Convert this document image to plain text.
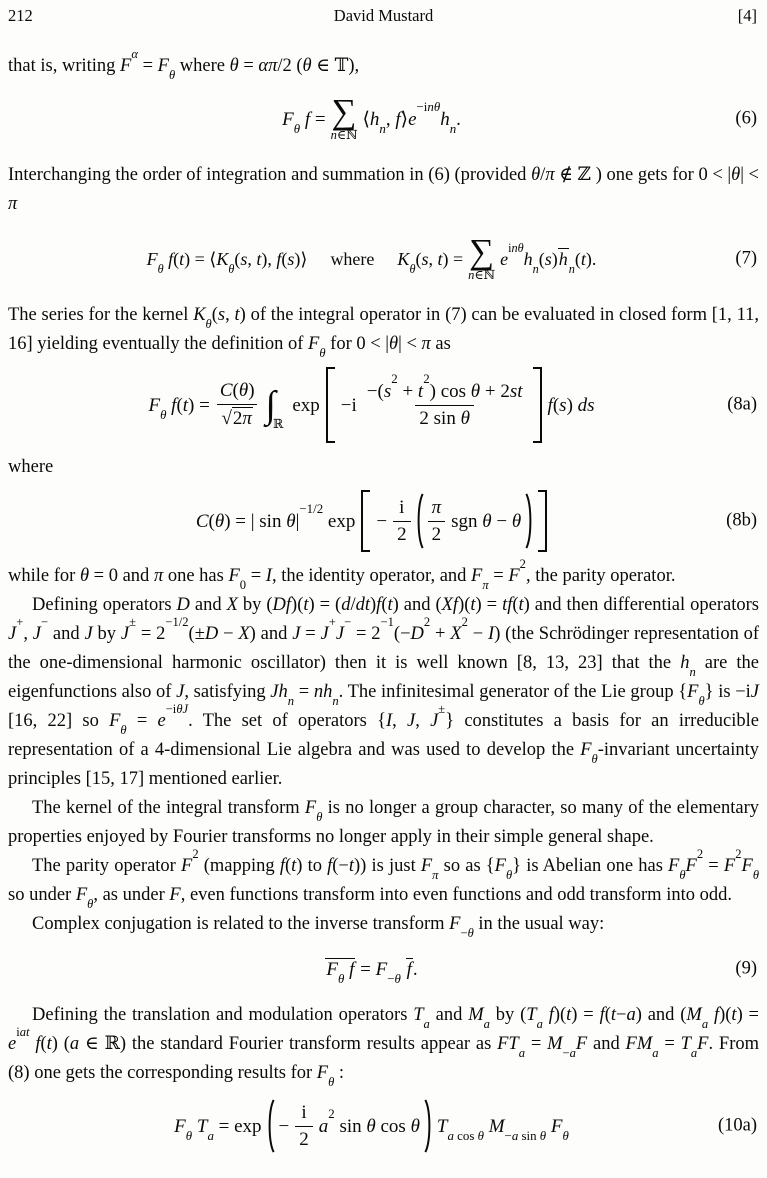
212	David Mustard	[4]

that is, writing $F^\alpha = F_\theta$ where θ = απ/2 (θ ∈ 𝕋),

$F_\theta$ f = ∑
n∈ℕ
$⟨h_n$, $f⟩e^{-in\theta}h_n$.	(6)

Interchanging the order of integration and summation in (6) (provided θ/π ∉ ℤ ) one gets for 0 < |θ| < π

$F_\theta$ $f(t) = ⟨K_\theta(s$, t), f(s)⟩ where $K_\theta(s$, t) = ∑
n∈ℕ
$e^{in\theta}h_n(s)h_n(t)$.	(7)

The series for the kernel $K_\theta(s$, t) of the integral operator in (7) can be evaluated in closed form [1, 11, 16] yielding eventually the definition of $F_\theta$ for 0 < |θ| < π as

$F_\theta$ $f(t) = \frac{C(\theta)}{√2\pi}$ ∫
ℝ
$\exp -i \frac{-(s^2 + t^2) \cos \theta + 2st}{\text{2 sin θ}} f(s)$ ds	(8a)

where

C(θ) = | $\sin \theta|^{-1/2}$ $\exp - \frac{i}{2} \frac{\pi}{2}$ sgn θ − θ	(8b)

while for θ = 0 and π one has $F_0 = I$, the identity operator, and $F_\pi = F^2$, the parity operator.

Defining operators D and X by (Df)(t) = (d/dt)f(t) and (Xf)(t) = tf(t) and then differential operators J+, J− and J by $J^\pm = 2^{-1/2}(\pm D - X)$ and $J = J^+J^- = 2^{-1}(-D^2 + X^2 - I)$ (the Schrödinger representation of the one-dimensional harmonic oscillator) then it is well known [8, 13, 23] that the $h_n$ are the eigenfunctions also of J, satisfying $Jh_n = nh_n$. The infinitesimal generator of the Lie group $\{F_\theta\}$ is −iJ [16, 22] so $F_\theta = e^{-i\theta J}$. The set of operators {I, J, J±} constitutes a basis for an irreducible representation of a 4-dimensional Lie algebra and was used to develop the $F_\theta$-invariant uncertainty principles [15, 17] mentioned earlier.

The kernel of the integral transform $F_\theta$ is no longer a group character, so many of the elementary properties enjoyed by Fourier transforms no longer apply in their simple general shape.

The parity operator $F^2$ (mapping f(t) to f(−t)) is just $F_\pi$ so as $\{F_\theta\}$ is Abelian one has $F_\theta F^2 = F^2F_\theta$ so under $F_\theta$, as under F, even functions transform into even functions and odd transform into odd.

Complex conjugation is related to the inverse transform $F_{-\theta}$ in the usual way:

$F_\theta$ $f = F_{-\theta}$ f.	(9)

Defining the translation and modulation operators $T_a$ and $M_a$ by ($T_a$ f)(t) = f(t−a) and ($M_a$ $f)(t) = e^{iat}$ f(t) (a ∈ ℝ) the standard Fourier transform results appear as $FT_a = M_{-a}F$ and $FM_a = T_aF$. From (8) one gets the corresponding results for $F_\theta$ :

$F_\theta$ $T_a = \exp - \frac{i}{2} a^2$ sin θ cos θ $T_{a cos \theta}$ $M_{-a sin \theta}$ $F_\theta$	(10a)
